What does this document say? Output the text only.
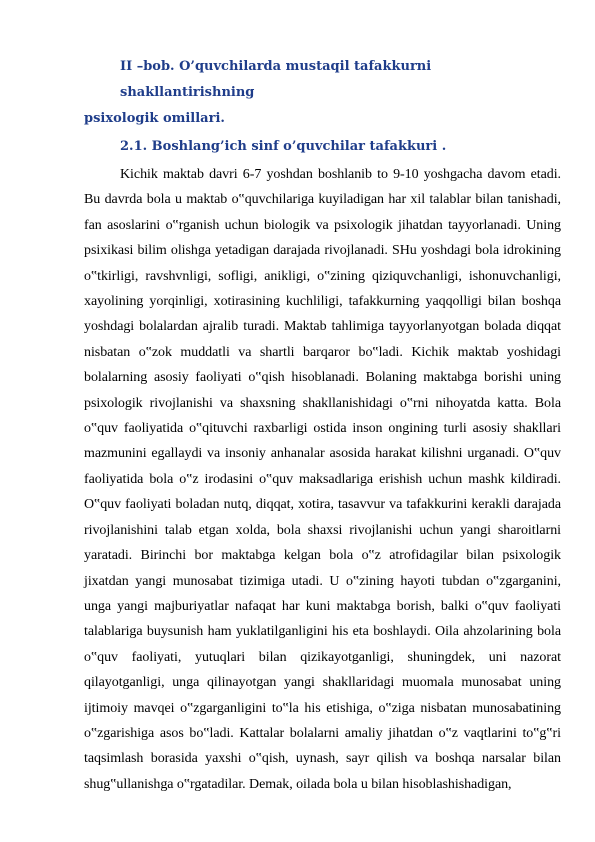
II –bob. O’quvchilarda mustaqil tafakkurni shakllantirishning
psixologik omillari.
2.1. Boshlang’ich sinf o’quvchilar tafakkuri .

Kichik maktab davri 6-7 yoshdan boshlanib to 9-10 yoshgacha davom etadi. Bu davrda bola u maktab o‟quvchilariga kuyiladigan har xil talablar bilan tanishadi, fan asoslarini o‟rganish uchun biologik va psixologik jihatdan tayyorlanadi. Uning psixikasi bilim olishga yetadigan darajada rivojlanadi. SHu yoshdagi bola idrokining o‟tkirligi, ravshvnligi, sofligi, anikligi, o‟zining qiziquvchanligi, ishonuvchanligi, xayolining yorqinligi, xotirasining kuchliligi, tafakkurning yaqqolligi bilan boshqa yoshdagi bolalardan ajralib turadi. Maktab tahlimiga tayyorlanyotgan bolada diqqat nisbatan o‟zok muddatli va shartli barqaror bo‟ladi. Kichik maktab yoshidagi bolalarning asosiy faoliyati o‟qish hisoblanadi. Bolaning maktabga borishi uning psixologik rivojlanishi va shaxsning shakllanishidagi o‟rni nihoyatda katta. Bola o‟quv faoliyatida o‟qituvchi raxbarligi ostida inson ongining turli asosiy shakllari mazmunini egallaydi va insoniy anhanalar asosida harakat kilishni urganadi. O‟quv faoliyatida bola o‟z irodasini o‟quv maksadlariga erishish uchun mashk kildiradi. O‟quv faoliyati boladan nutq, diqqat, xotira, tasavvur va tafakkurini kerakli darajada rivojlanishini talab etgan xolda, bola shaxsi rivojlanishi uchun yangi sharoitlarni yaratadi. Birinchi bor maktabga kelgan bola o‟z atrofidagilar bilan psixologik jixatdan yangi munosabat tizimiga utadi. U o‟zining hayoti tubdan o‟zgarganini, unga yangi majburiyatlar nafaqat har kuni maktabga borish, balki o‟quv faoliyati talablariga buysunish ham yuklatilganligini his eta boshlaydi. Oila ahzolarining bola o‟quv faoliyati, yutuqlari bilan qizikayotganligi, shuningdek, uni nazorat qilayotganligi, unga qilinayotgan yangi shakllaridagi muomala munosabat uning ijtimoiy mavqei o‟zgarganligini to‟la his etishiga, o‟ziga nisbatan munosabatining o‟zgarishiga asos bo‟ladi. Kattalar bolalarni amaliy jihatdan o‟z vaqtlarini to‟g‟ri taqsimlash borasida yaxshi o‟qish, uynash, sayr qilish va boshqa narsalar bilan shug‟ullanishga o‟rgatadilar. Demak, oilada bola u bilan hisoblashishadigan,
